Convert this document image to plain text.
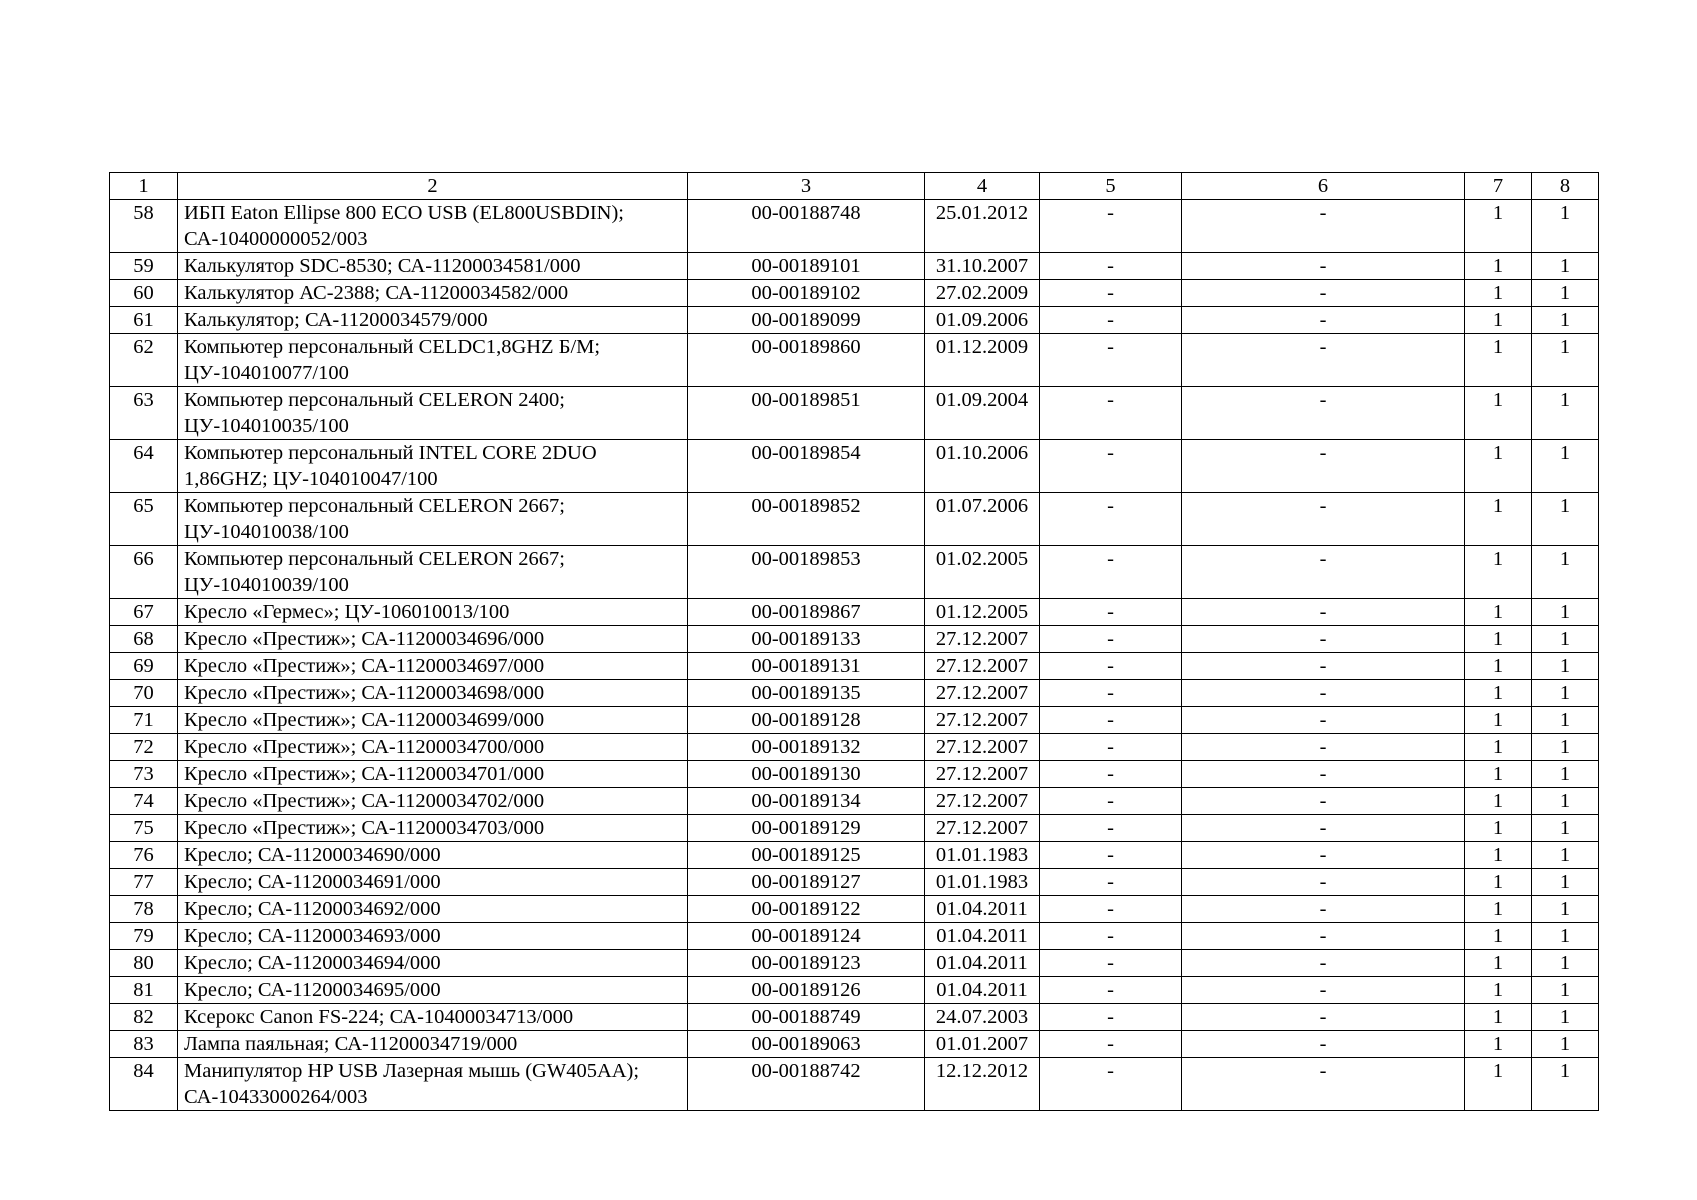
1	2	3	4	5	6	7	8
58	ИБП Eaton Ellipse 800 ECO USB (EL800USBDIN); СА-10400000052/003	00-00188748	25.01.2012	-	-	1	1
59	Калькулятор SDC-8530; СА-11200034581/000	00-00189101	31.10.2007	-	-	1	1
60	Калькулятор АС-2388; СА-11200034582/000	00-00189102	27.02.2009	-	-	1	1
61	Калькулятор; СА-11200034579/000	00-00189099	01.09.2006	-	-	1	1
62	Компьютер персональный CELDC1,8GHZ Б/М; ЦУ-104010077/100	00-00189860	01.12.2009	-	-	1	1
63	Компьютер персональный CELERON 2400; ЦУ-104010035/100	00-00189851	01.09.2004	-	-	1	1
64	Компьютер персональный INTEL CORE 2DUO 1,86GHZ; ЦУ-104010047/100	00-00189854	01.10.2006	-	-	1	1
65	Компьютер персональный CELERON 2667; ЦУ-104010038/100	00-00189852	01.07.2006	-	-	1	1
66	Компьютер персональный CELERON 2667; ЦУ-104010039/100	00-00189853	01.02.2005	-	-	1	1
67	Кресло «Гермес»; ЦУ-106010013/100	00-00189867	01.12.2005	-	-	1	1
68	Кресло «Престиж»; СА-11200034696/000	00-00189133	27.12.2007	-	-	1	1
69	Кресло «Престиж»; СА-11200034697/000	00-00189131	27.12.2007	-	-	1	1
70	Кресло «Престиж»; СА-11200034698/000	00-00189135	27.12.2007	-	-	1	1
71	Кресло «Престиж»; СА-11200034699/000	00-00189128	27.12.2007	-	-	1	1
72	Кресло «Престиж»; СА-11200034700/000	00-00189132	27.12.2007	-	-	1	1
73	Кресло «Престиж»; СА-11200034701/000	00-00189130	27.12.2007	-	-	1	1
74	Кресло «Престиж»; СА-11200034702/000	00-00189134	27.12.2007	-	-	1	1
75	Кресло «Престиж»; СА-11200034703/000	00-00189129	27.12.2007	-	-	1	1
76	Кресло; СА-11200034690/000	00-00189125	01.01.1983	-	-	1	1
77	Кресло; СА-11200034691/000	00-00189127	01.01.1983	-	-	1	1
78	Кресло; СА-11200034692/000	00-00189122	01.04.2011	-	-	1	1
79	Кресло; СА-11200034693/000	00-00189124	01.04.2011	-	-	1	1
80	Кресло; СА-11200034694/000	00-00189123	01.04.2011	-	-	1	1
81	Кресло; СА-11200034695/000	00-00189126	01.04.2011	-	-	1	1
82	Ксерокс Canon FS-224; СА-10400034713/000	00-00188749	24.07.2003	-	-	1	1
83	Лампа паяльная; СА-11200034719/000	00-00189063	01.01.2007	-	-	1	1
84	Манипулятор HP USB Лазерная мышь (GW405AA); СА-10433000264/003	00-00188742	12.12.2012	-	-	1	1
